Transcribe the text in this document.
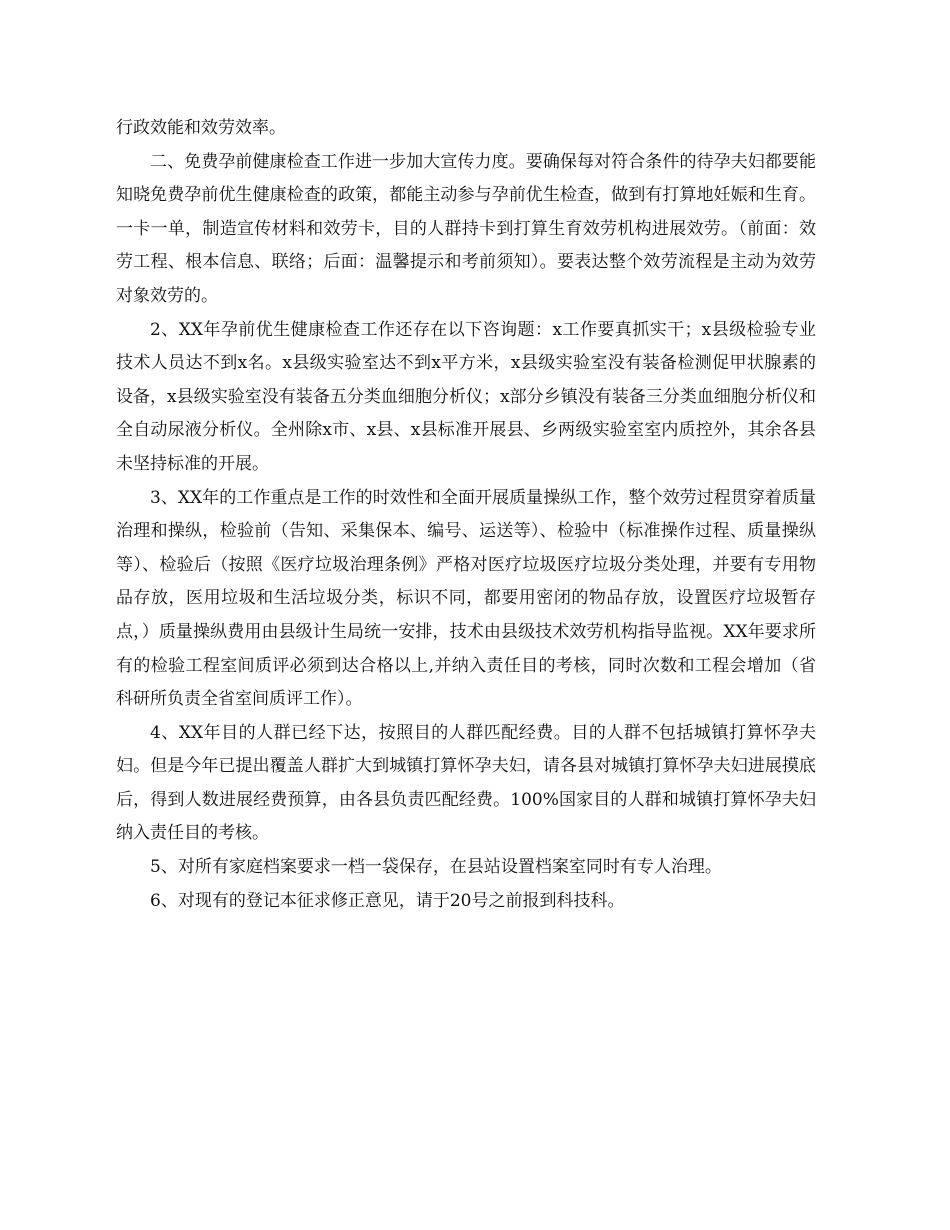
行政效能和效劳效率。

二、免费孕前健康检查工作进一步加大宣传力度。要确保每对符合条件的待孕夫妇都要能知晓免费孕前优生健康检查的政策，都能主动参与孕前优生检查，做到有打算地妊娠和生育。一卡一单，制造宣传材料和效劳卡，目的人群持卡到打算生育效劳机构进展效劳。（前面：效劳工程、根本信息、联络；后面：温馨提示和考前须知）。要表达整个效劳流程是主动为效劳对象效劳的。

2、XX年孕前优生健康检查工作还存在以下咨询题：x工作要真抓实干；x县级检验专业技术人员达不到x名。x县级实验室达不到x平方米，x县级实验室没有装备检测促甲状腺素的设备，x县级实验室没有装备五分类血细胞分析仪；x部分乡镇没有装备三分类血细胞分析仪和全自动尿液分析仪。全州除x市、x县、x县标准开展县、乡两级实验室室内质控外，其余各县未坚持标准的开展。

3、XX年的工作重点是工作的时效性和全面开展质量操纵工作，整个效劳过程贯穿着质量治理和操纵，检验前（告知、采集保本、编号、运送等）、检验中（标准操作过程、质量操纵等）、检验后（按照《医疗垃圾治理条例》严格对医疗垃圾医疗垃圾分类处理，并要有专用物品存放，医用垃圾和生活垃圾分类，标识不同，都要用密闭的物品存放，设置医疗垃圾暂存点，）质量操纵费用由县级计生局统一安排，技术由县级技术效劳机构指导监视。XX年要求所有的检验工程室间质评必须到达合格以上,并纳入责任目的考核，同时次数和工程会增加（省科研所负责全省室间质评工作）。

4、XX年目的人群已经下达，按照目的人群匹配经费。目的人群不包括城镇打算怀孕夫妇。但是今年已提出覆盖人群扩大到城镇打算怀孕夫妇，请各县对城镇打算怀孕夫妇进展摸底后，得到人数进展经费预算，由各县负责匹配经费。100%国家目的人群和城镇打算怀孕夫妇纳入责任目的考核。

5、对所有家庭档案要求一档一袋保存，在县站设置档案室同时有专人治理。

6、对现有的登记本征求修正意见，请于20号之前报到科技科。
